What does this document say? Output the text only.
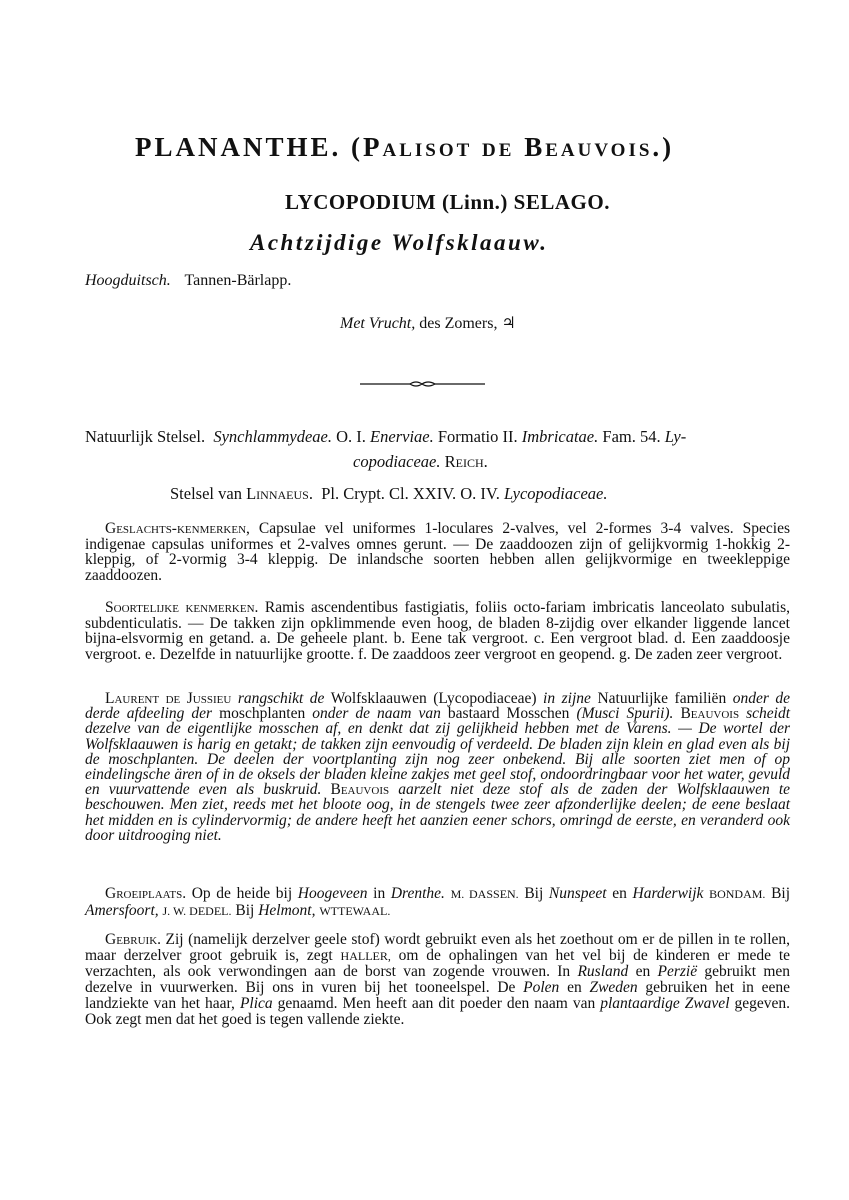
PLANANTHE. (Palisot de Beauvois.)
LYCOPODIUM (Linn.) SELAGO.
Achtzijdige Wolfsklaauw.
Hoogduitsch. Tannen-Bärlapp.
Met Vrucht, des Zomers, ♃
Natuurlijk Stelsel. Synchlammydeae. O. I. Enerviae. Formatio II. Imbricatae. Fam. 54. Ly-
copodiaceae. Reich.
Stelsel van Linnaeus. Pl. Crypt. Cl. XXIV. O. IV. Lycopodiaceae.
Geslachts-kenmerken, Capsulae vel uniformes 1-loculares 2-valves, vel 2-formes 3-4 valves. Species indigenae capsulas uniformes et 2-valves omnes gerunt. — De zaaddoozen zijn of gelijkvormig 1-hokkig 2-kleppig, of 2-vormig 3-4 kleppig. De inlandsche soorten hebben allen gelijkvormige en tweekleppige zaaddoozen.
Soortelijke kenmerken. Ramis ascendentibus fastigiatis, foliis octo-fariam imbricatis lanceolato subulatis, subdenticulatis. — De takken zijn opklimmende even hoog, de bladen 8-zijdig over elkander liggende lancet bijna-elsvormig en getand. a. De geheele plant. b. Eene tak vergroot. c. Een vergroot blad. d. Een zaaddoosje vergroot. e. Dezelfde in natuurlijke grootte. f. De zaaddoos zeer vergroot en geopend. g. De zaden zeer vergroot.
Laurent de Jussieu rangschikt de Wolfsklaauwen (Lycopodiaceae) in zijne Natuurlijke familiën onder de derde afdeeling der moschplanten onder de naam van bastaard Mosschen (Musci Spurii). Beauvois scheidt dezelve van de eigentlijke mosschen af, en denkt dat zij gelijkheid hebben met de Varens. — De wortel der Wolfsklaauwen is harig en getakt; de takken zijn eenvoudig of verdeeld. De bladen zijn klein en glad even als bij de moschplanten. De deelen der voortplanting zijn nog zeer onbekend. Bij alle soorten ziet men of op eindelingsche ären of in de oksels der bladen kleine zakjes met geel stof, ondoordringbaar voor het water, gevuld en vuurvattende even als buskruid. Beauvois aarzelt niet deze stof als de zaden der Wolfsklaauwen te beschouwen. Men ziet, reeds met het bloote oog, in de stengels twee zeer afzonderlijke deelen; de eene beslaat het midden en is cylindervormig; de andere heeft het aanzien eener schors, omringd de eerste, en veranderd ook door uitdrooging niet.
Groeiplaats. Op de heide bij Hoogeveen in Drenthe. M. DASSEN. Bij Nunspeet en Harderwijk BONDAM. Bij Amersfoort, J. W. DEDEL. Bij Helmont, WTTEWAAL.
Gebruik. Zij (namelijk derzelver geele stof) wordt gebruikt even als het zoethout om er de pillen in te rollen, maar derzelver groot gebruik is, zegt HALLER, om de ophalingen van het vel bij de kinderen er mede te verzachten, als ook verwondingen aan de borst van zogende vrouwen. In Rusland en Perzië gebruikt men dezelve in vuurwerken. Bij ons in vuren bij het tooneelspel. De Polen en Zweden gebruiken het in eene landziekte van het haar, Plica genaamd. Men heeft aan dit poeder den naam van plantaardige Zwavel gegeven. Ook zegt men dat het goed is tegen vallende ziekte.
